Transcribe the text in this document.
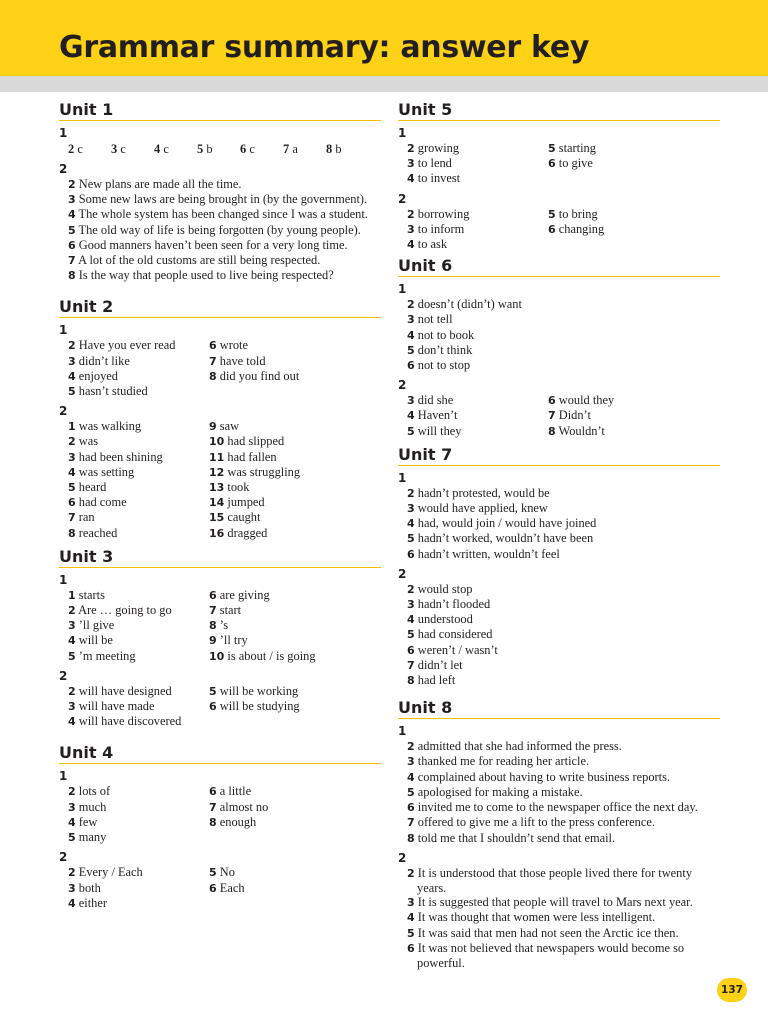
Grammar summary: answer key
Unit 1
1
2 c	3 c	4 c	5 b	6 c	7 a	8 b
2
2 New plans are made all the time.
3 Some new laws are being brought in (by the government).
4 The whole system has been changed since I was a student.
5 The old way of life is being forgotten (by young people).
6 Good manners haven’t been seen for a very long time.
7 A lot of the old customs are still being respected.
8 Is the way that people used to live being respected?
Unit 2
1
2 Have you ever read	6 wrote
3 didn’t like	7 have told
4 enjoyed	8 did you find out
5 hasn’t studied
2
1 was walking	9 saw
2 was	10 had slipped
3 had been shining	11 had fallen
4 was setting	12 was struggling
5 heard	13 took
6 had come	14 jumped
7 ran	15 caught
8 reached	16 dragged
Unit 3
1
1 starts	6 are giving
2 Are … going to go	7 start
3 ’ll give	8 ’s
4 will be	9 ’ll try
5 ’m meeting	10 is about / is going
2
2 will have designed	5 will be working
3 will have made	6 will be studying
4 will have discovered
Unit 4
1
2 lots of	6 a little
3 much	7 almost no
4 few	8 enough
5 many
2
2 Every / Each	5 No
3 both	6 Each
4 either
Unit 5
1
2 growing	5 starting
3 to lend	6 to give
4 to invest
2
2 borrowing	5 to bring
3 to inform	6 changing
4 to ask
Unit 6
1
2 doesn’t (didn’t) want
3 not tell
4 not to book
5 don’t think
6 not to stop
2
3 did she	6 would they
4 Haven’t	7 Didn’t
5 will they	8 Wouldn’t
Unit 7
1
2 hadn’t protested, would be
3 would have applied, knew
4 had, would join / would have joined
5 hadn’t worked, wouldn’t have been
6 hadn’t written, wouldn’t feel
2
2 would stop
3 hadn’t flooded
4 understood
5 had considered
6 weren’t / wasn’t
7 didn’t let
8 had left
Unit 8
1
2 admitted that she had informed the press.
3 thanked me for reading her article.
4 complained about having to write business reports.
5 apologised for making a mistake.
6 invited me to come to the newspaper office the next day.
7 offered to give me a lift to the press conference.
8 told me that I shouldn’t send that email.
2
2 It is understood that those people lived there for twenty years.
3 It is suggested that people will travel to Mars next year.
4 It was thought that women were less intelligent.
5 It was said that men had not seen the Arctic ice then.
6 It was not believed that newspapers would become so powerful.
137
